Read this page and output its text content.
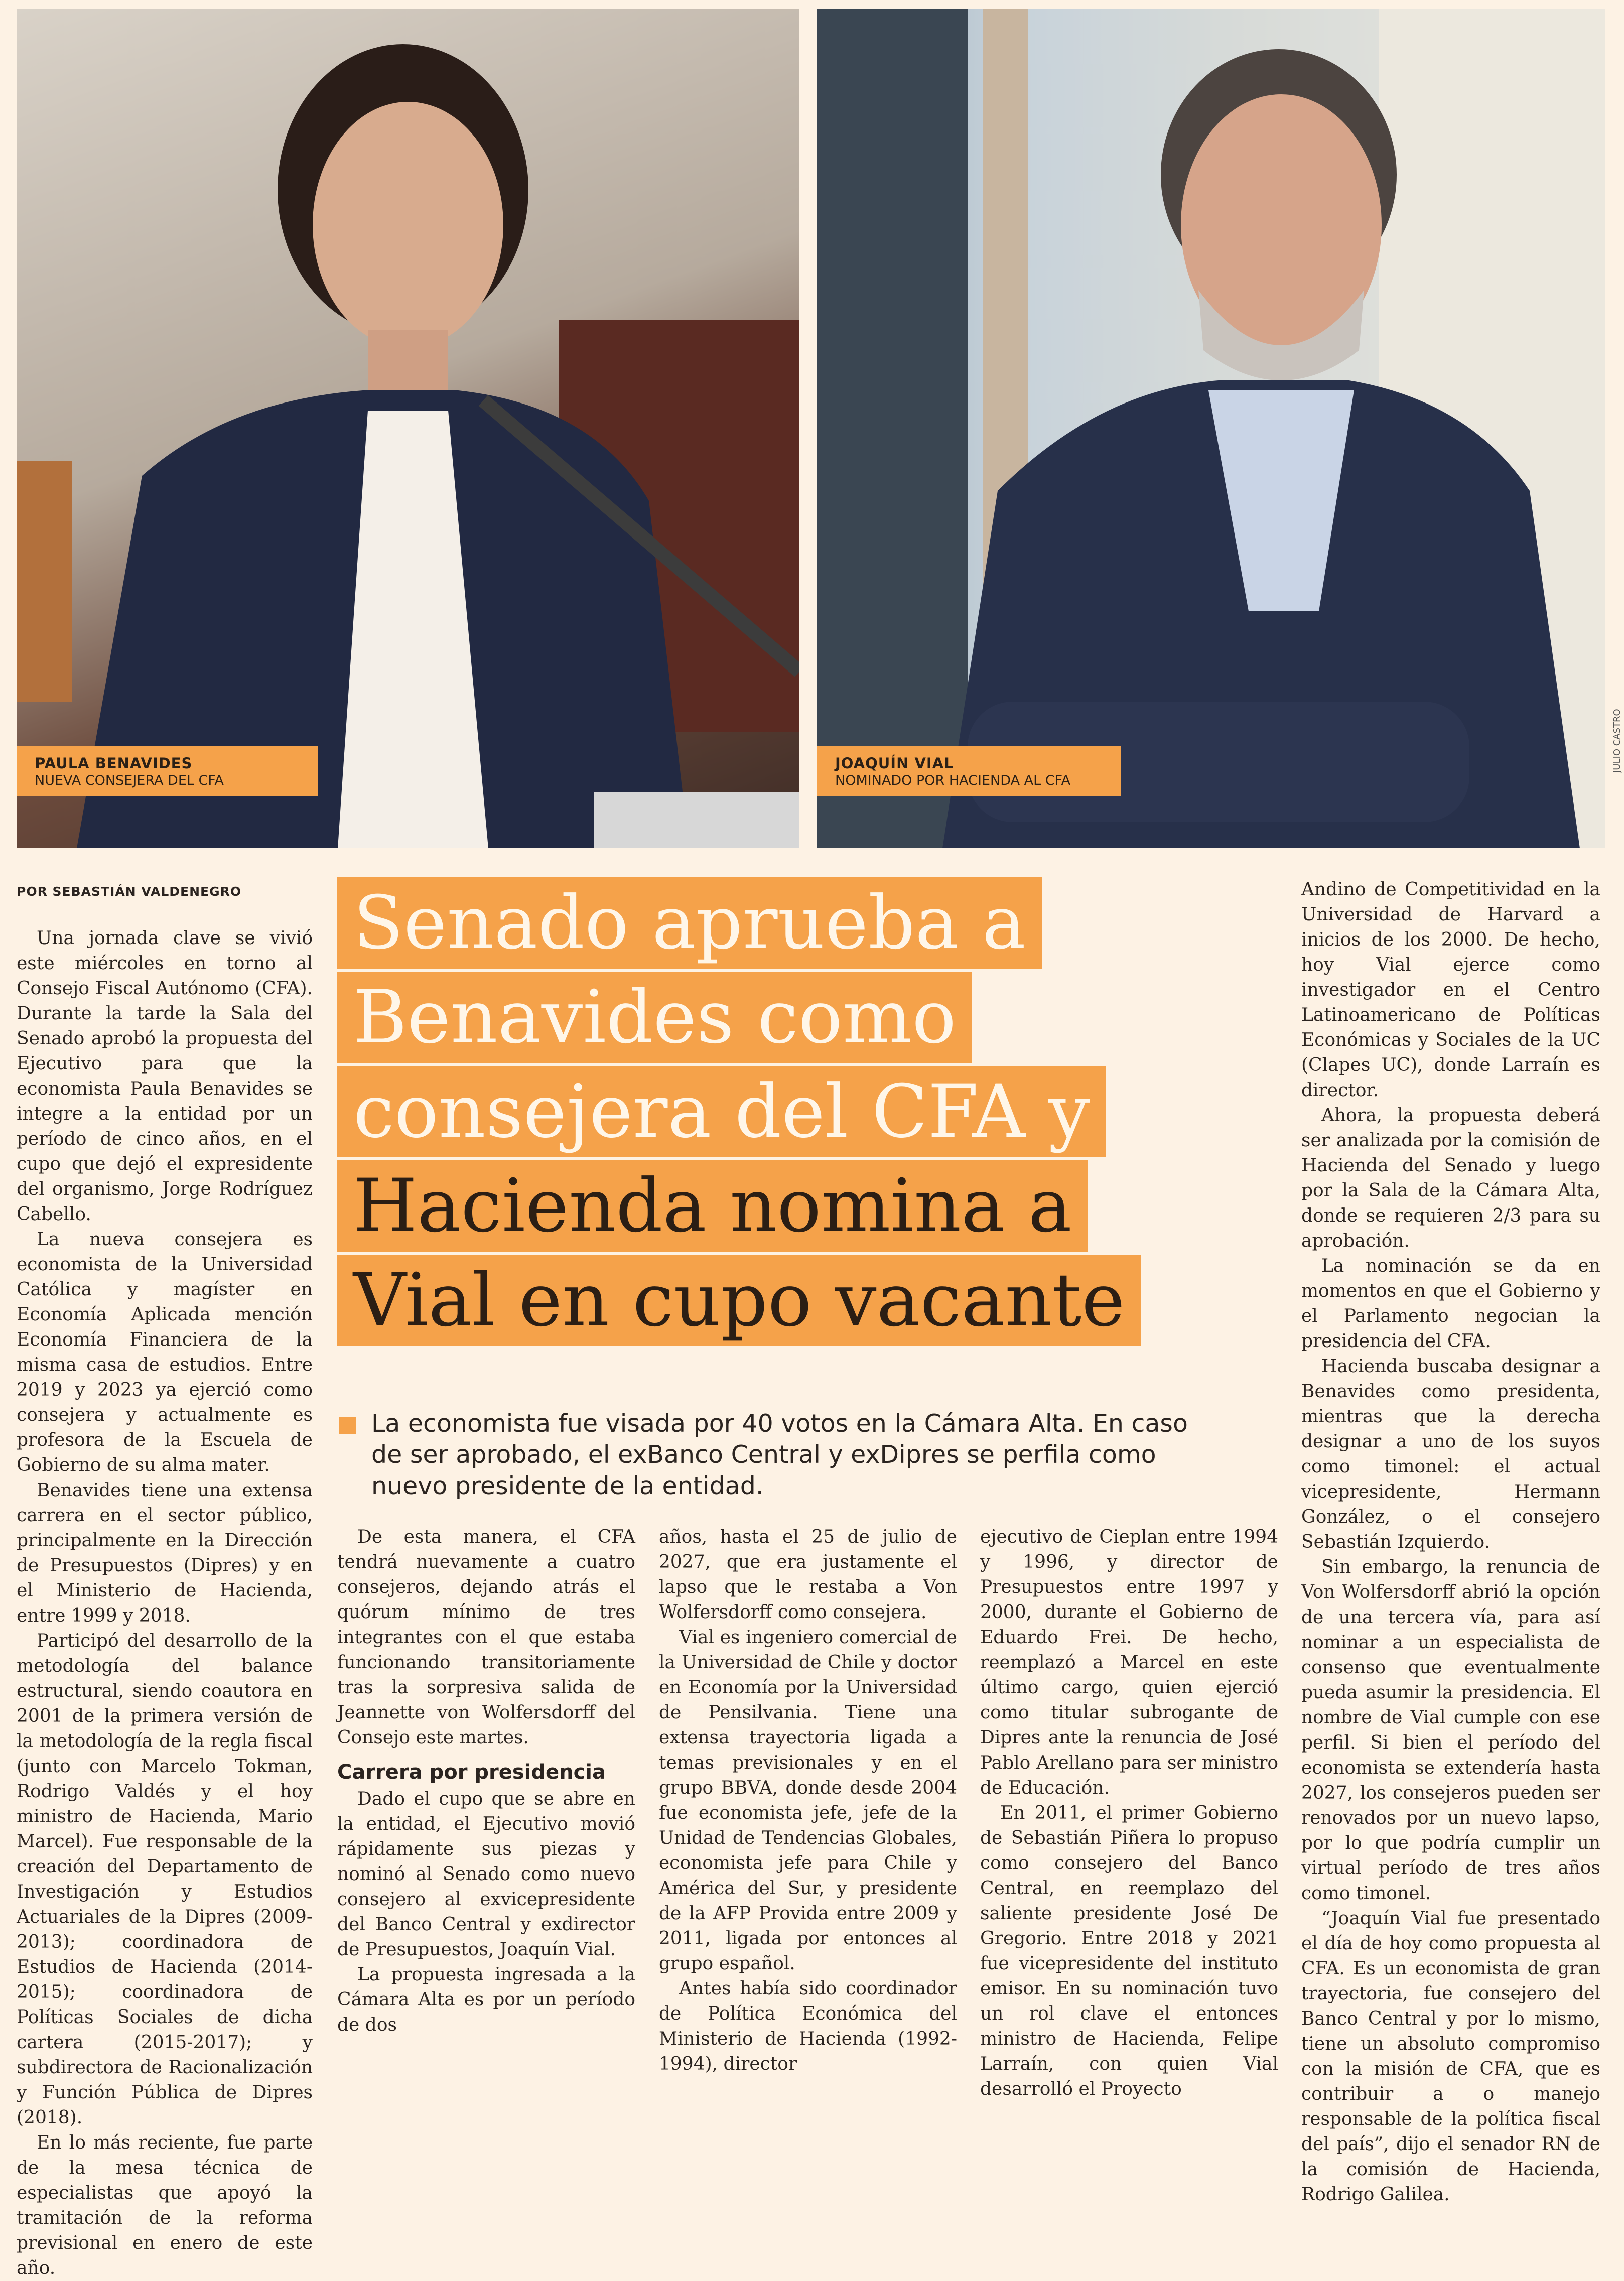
PAULA BENAVIDES
NUEVA CONSEJERA DEL CFA
JOAQUÍN VIAL
NOMINADO POR HACIENDA AL CFA
JULIO CASTRO
POR SEBASTIÁN VALDENEGRO Senado aprueba a
Benavides como
consejera del CFA y
Hacienda nomina a
Vial en cupo vacante
La economista fue visada por 40 votos en la Cámara Alta. En caso de ser aprobado, el exBanco Central y exDipres se perfila como nuevo presidente de la entidad.

Una jornada clave se vivió este miércoles en torno al Consejo Fiscal Autónomo (CFA). Durante la tarde la Sala del Senado aprobó la propuesta del Ejecutivo para que la economista Paula Benavides se integre a la entidad por un período de cinco años, en el cupo que dejó el expresidente del organismo, Jorge Rodríguez Cabello.

La nueva consejera es economista de la Universidad Católica y magíster en Economía Aplicada mención Economía Financiera de la misma casa de estudios. Entre 2019 y 2023 ya ejerció como consejera y actualmente es profesora de la Escuela de Gobierno de su alma mater.

Benavides tiene una extensa carrera en el sector público, principalmente en la Dirección de Presupuestos (Dipres) y en el Ministerio de Hacienda, entre 1999 y 2018.

Participó del desarrollo de la metodología del balance estructural, siendo coautora en 2001 de la primera versión de la metodología de la regla fiscal (junto con Marcelo Tokman, Rodrigo Valdés y el hoy ministro de Hacienda, Mario Marcel). Fue responsable de la creación del Departamento de Investigación y Estudios Actuariales de la Dipres (2009-2013); coordinadora de Estudios de Hacienda (2014-2015); coordinadora de Políticas Sociales de dicha cartera (2015-2017); y subdirectora de Racionalización y Función Pública de Dipres (2018).

En lo más reciente, fue parte de la mesa técnica de especialistas que apoyó la tramitación de la reforma previsional en enero de este año.

De esta manera, el CFA tendrá nuevamente a cuatro consejeros, dejando atrás el quórum mínimo de tres integrantes con el que estaba funcionando transitoriamente tras la sorpresiva salida de Jeannette von Wolfersdorff del Consejo este martes.

Carrera por presidencia

Dado el cupo que se abre en la entidad, el Ejecutivo movió rápidamente sus piezas y nominó al Senado como nuevo consejero al exvicepresidente del Banco Central y exdirector de Presupuestos, Joaquín Vial.

La propuesta ingresada a la Cámara Alta es por un período de dos

años, hasta el 25 de julio de 2027, que era justamente el lapso que le restaba a Von Wolfersdorff como consejera.

Vial es ingeniero comercial de la Universidad de Chile y doctor en Economía por la Universidad de Pensilvania. Tiene una extensa trayectoria ligada a temas previsionales y en el grupo BBVA, donde desde 2004 fue economista jefe, jefe de la Unidad de Tendencias Globales, economista jefe para Chile y América del Sur, y presidente de la AFP Provida entre 2009 y 2011, ligada por entonces al grupo español.

Antes había sido coordinador de Política Económica del Ministerio de Hacienda (1992-1994), director

ejecutivo de Cieplan entre 1994 y 1996, y director de Presupuestos entre 1997 y 2000, durante el Gobierno de Eduardo Frei. De hecho, reemplazó a Marcel en este último cargo, quien ejerció como titular subrogante de Dipres ante la renuncia de José Pablo Arellano para ser ministro de Educación.

En 2011, el primer Gobierno de Sebastián Piñera lo propuso como consejero del Banco Central, en reemplazo del saliente presidente José De Gregorio. Entre 2018 y 2021 fue vicepresidente del instituto emisor. En su nominación tuvo un rol clave el entonces ministro de Hacienda, Felipe Larraín, con quien Vial desarrolló el Proyecto

Andino de Competitividad en la Universidad de Harvard a inicios de los 2000. De hecho, hoy Vial ejerce como investigador en el Centro Latinoamericano de Políticas Económicas y Sociales de la UC (Clapes UC), donde Larraín es director.

Ahora, la propuesta deberá ser analizada por la comisión de Hacienda del Senado y luego por la Sala de la Cámara Alta, donde se requieren 2/3 para su aprobación.

La nominación se da en momentos en que el Gobierno y el Parlamento negocian la presidencia del CFA.

Hacienda buscaba designar a Benavides como presidenta, mientras que la derecha designar a uno de los suyos como timonel: el actual vicepresidente, Hermann González, o el consejero Sebastián Izquierdo.

Sin embargo, la renuncia de Von Wolfersdorff abrió la opción de una tercera vía, para así nominar a un especialista de consenso que eventualmente pueda asumir la presidencia. El nombre de Vial cumple con ese perfil. Si bien el período del economista se extendería hasta 2027, los consejeros pueden ser renovados por un nuevo lapso, por lo que podría cumplir un virtual período de tres años como timonel.

“Joaquín Vial fue presentado el día de hoy como propuesta al CFA. Es un economista de gran trayectoria, fue consejero del Banco Central y por lo mismo, tiene un absoluto compromiso con la misión de CFA, que es contribuir a o manejo responsable de la política fiscal del país”, dijo el senador RN de la comisión de Hacienda, Rodrigo Galilea.
